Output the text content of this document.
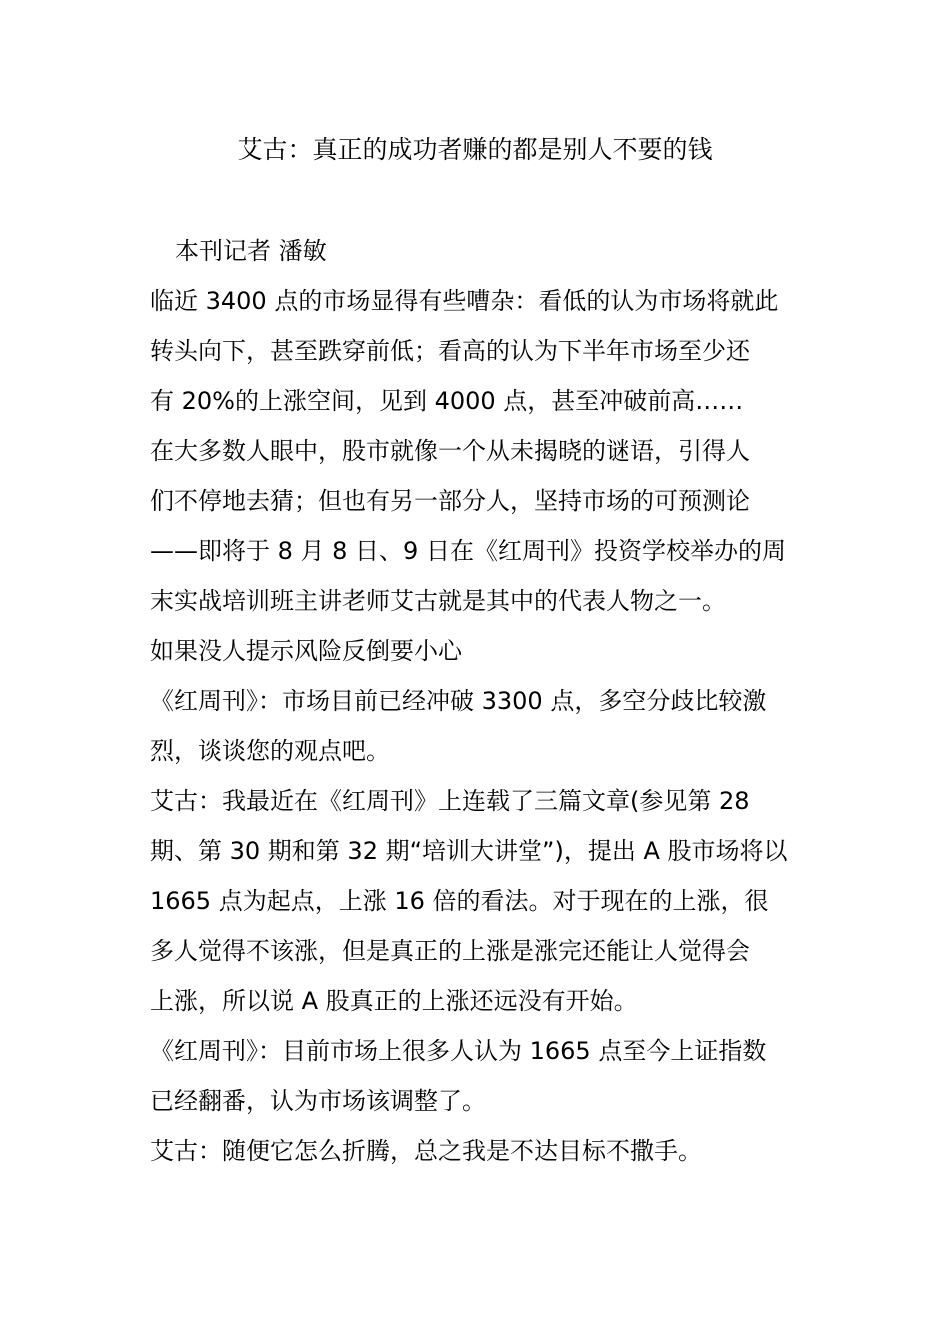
艾古：真正的成功者赚的都是别人不要的钱
本刊记者 潘敏
临近 3400 点的市场显得有些嘈杂：看低的认为市场将就此
转头向下，甚至跌穿前低；看高的认为下半年市场至少还
有 20%的上涨空间，见到 4000 点，甚至冲破前高……
在大多数人眼中，股市就像一个从未揭晓的谜语，引得人
们不停地去猜；但也有另一部分人，坚持市场的可预测论
——即将于 8 月 8 日、9 日在《红周刊》投资学校举办的周
末实战培训班主讲老师艾古就是其中的代表人物之一。
如果没人提示风险反倒要小心
《红周刊》：市场目前已经冲破 3300 点，多空分歧比较激
烈，谈谈您的观点吧。
艾古：我最近在《红周刊》上连载了三篇文章(参见第 28
期、第 30 期和第 32 期“培训大讲堂”)，提出 A 股市场将以
1665 点为起点，上涨 16 倍的看法。对于现在的上涨，很
多人觉得不该涨，但是真正的上涨是涨完还能让人觉得会
上涨，所以说 A 股真正的上涨还远没有开始。
《红周刊》：目前市场上很多人认为 1665 点至今上证指数
已经翻番，认为市场该调整了。
艾古：随便它怎么折腾，总之我是不达目标不撒手。
